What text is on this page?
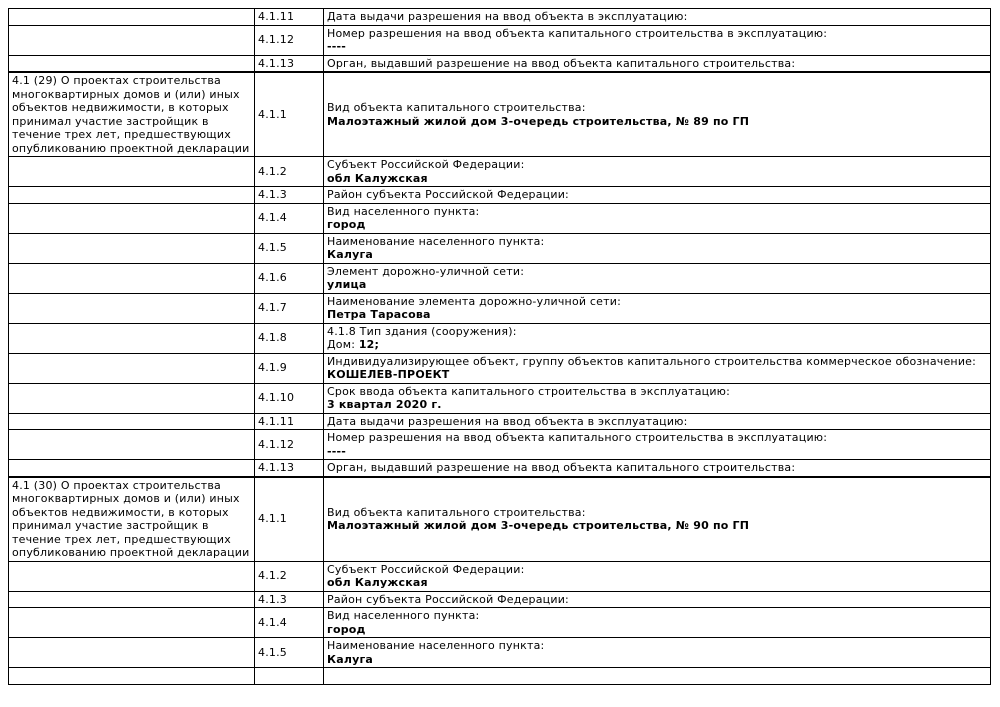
	4.1.11	Дата выдачи разрешения на ввод объекта в эксплуатацию:

	4.1.12	Номер разрешения на ввод объекта капитального строительства в эксплуатацию:
----

	4.1.13	Орган, выдавший разрешение на ввод объекта капитального строительства:

4.1 (29) О проектах строительства многоквартирных домов и (или) иных объектов недвижимости, в которых принимал участие застройщик в течение трех лет, предшествующих опубликованию проектной декларации	4.1.1	Вид объекта капитального строительства:
Малоэтажный жилой дом 3-очередь строительства, № 89 по ГП

	4.1.2	Субъект Российской Федерации:
обл Калужская

	4.1.3	Район субъекта Российской Федерации:

	4.1.4	Вид населенного пункта:
город

	4.1.5	Наименование населенного пункта:
Калуга

	4.1.6	Элемент дорожно-уличной сети:
улица

	4.1.7	Наименование элемента дорожно-уличной сети:
Петра Тарасова

	4.1.8	4.1.8 Тип здания (сооружения):
Дом: 12;

	4.1.9	Индивидуализирующее объект, группу объектов капитального строительства коммерческое обозначение:
КОШЕЛЕВ-ПРОЕКТ

	4.1.10	Срок ввода объекта капитального строительства в эксплуатацию:
3 квартал 2020 г.

	4.1.11	Дата выдачи разрешения на ввод объекта в эксплуатацию:

	4.1.12	Номер разрешения на ввод объекта капитального строительства в эксплуатацию:
----

	4.1.13	Орган, выдавший разрешение на ввод объекта капитального строительства:

4.1 (30) О проектах строительства многоквартирных домов и (или) иных объектов недвижимости, в которых принимал участие застройщик в течение трех лет, предшествующих опубликованию проектной декларации	4.1.1	Вид объекта капитального строительства:
Малоэтажный жилой дом 3-очередь строительства, № 90 по ГП

	4.1.2	Субъект Российской Федерации:
обл Калужская

	4.1.3	Район субъекта Российской Федерации:

	4.1.4	Вид населенного пункта:
город

	4.1.5	Наименование населенного пункта:
Калуга
